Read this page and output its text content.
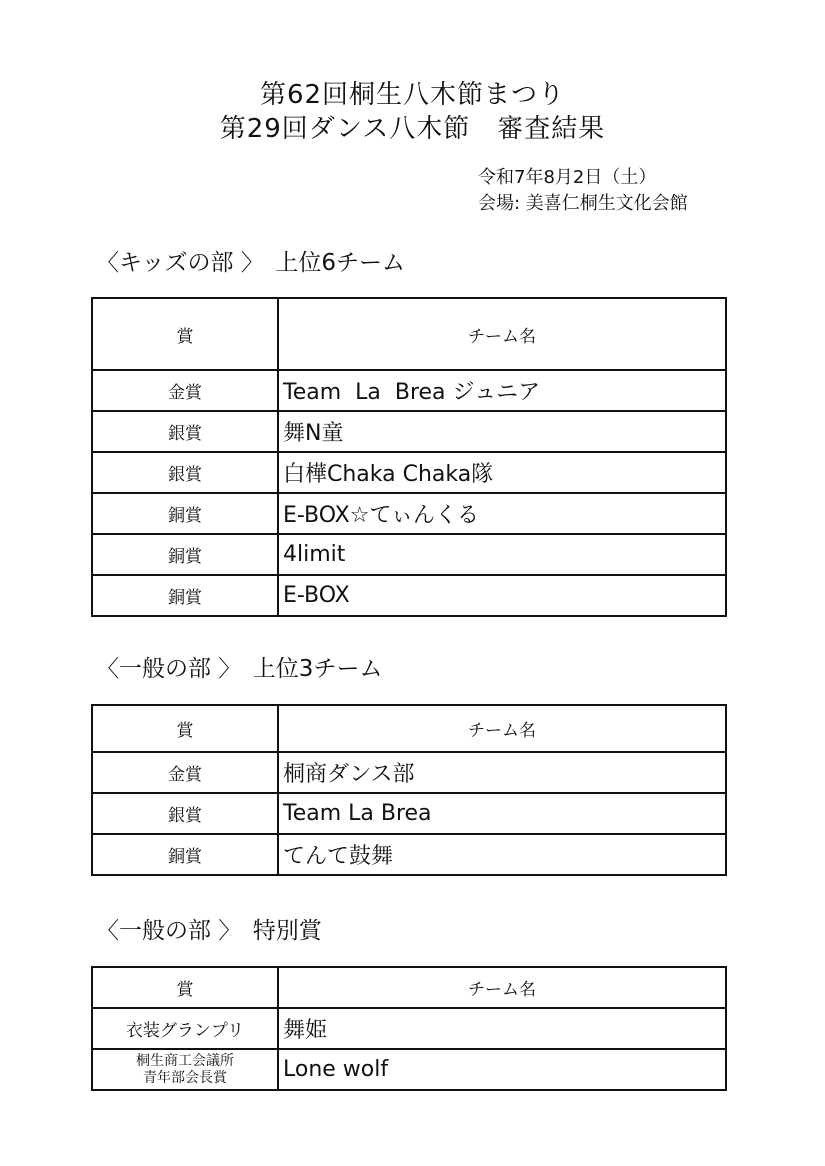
第62回桐生八木節まつり
第29回ダンス八木節　審査結果
令和7年8月2日（土）
会場: 美喜仁桐生文化会館
〈キッズの部 〉　上位6チーム
賞	チーム名
金賞	Team  La  Brea ジュニア
銀賞	舞N童
銀賞	白樺Chaka Chaka隊
銅賞	E-BOX☆てぃんくる
銅賞	4limit
銅賞	E-BOX
〈一般の部 〉　上位3チーム
賞	チーム名
金賞	桐商ダンス部
銀賞	Team La Brea
銅賞	てんて鼓舞
〈一般の部 〉　特別賞
賞	チーム名
衣装グランプリ	舞姫

桐生商工会議所
青年部会長賞	Lone wolf
